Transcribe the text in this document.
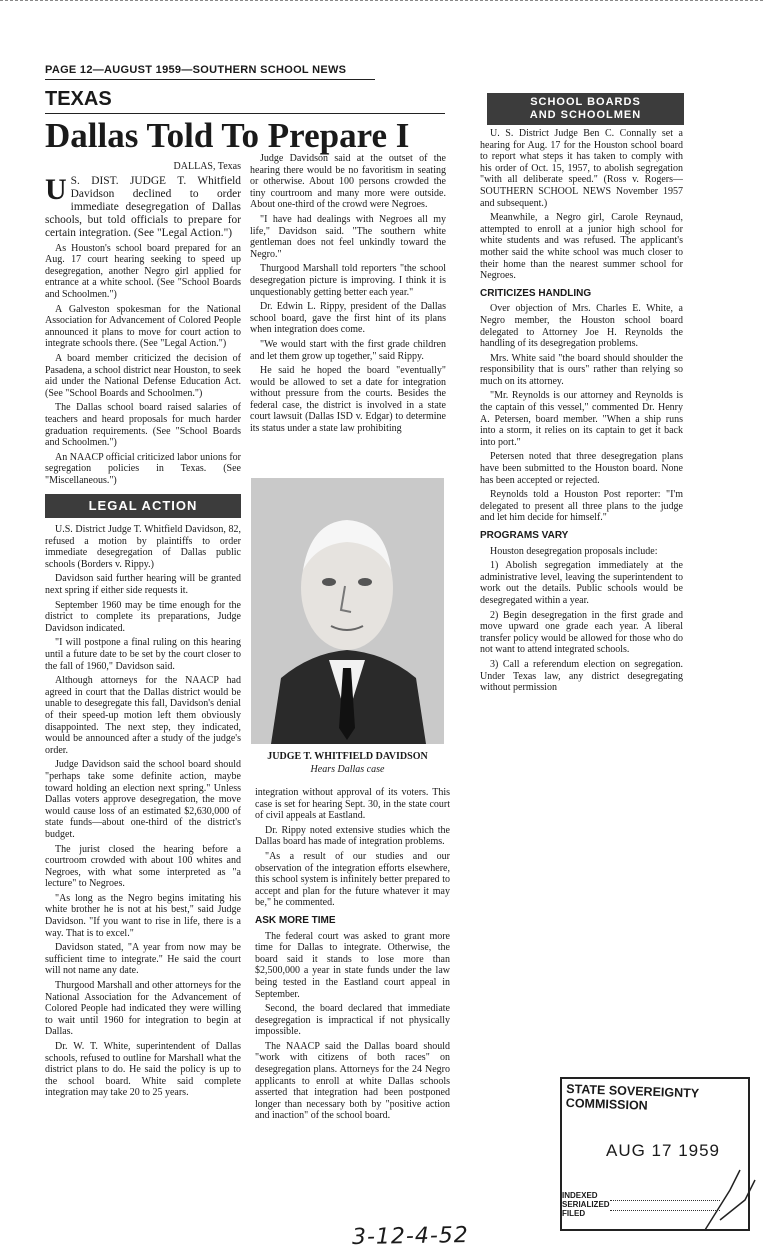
PAGE 12—AUGUST 1959—SOUTHERN SCHOOL NEWS
TEXAS
Dallas Told To Prepare I
DALLAS, Texas

U S. DIST. JUDGE T. Whitfield Davidson declined to order immediate desegregation of Dallas schools, but told officials to prepare for certain integration. (See "Legal Action.")

As Houston's school board prepared for an Aug. 17 court hearing seeking to speed up desegregation, another Negro girl applied for entrance at a white school. (See "School Boards and Schoolmen.")

A Galveston spokesman for the National Association for Advancement of Colored People announced it plans to move for court action to integrate schools there. (See "Legal Action.")

A board member criticized the decision of Pasadena, a school district near Houston, to seek aid under the National Defense Education Act. (See "School Boards and Schoolmen.")

The Dallas school board raised salaries of teachers and heard proposals for much harder graduation requirements. (See "School Boards and Schoolmen.")

An NAACP official criticized labor unions for segregation policies in Texas. (See "Miscellaneous.")

LEGAL ACTION

U.S. District Judge T. Whitfield Davidson, 82, refused a motion by plaintiffs to order immediate desegregation of Dallas public schools (Borders v. Rippy.)

Davidson said further hearing will be granted next spring if either side requests it.

September 1960 may be time enough for the district to complete its preparations, Judge Davidson indicated.

"I will postpone a final ruling on this hearing until a future date to be set by the court closer to the fall of 1960," Davidson said.

Although attorneys for the NAACP had agreed in court that the Dallas district would be unable to desegregate this fall, Davidson's denial of their speed-up motion left them obviously disappointed. The next step, they indicated, would be announced after a study of the judge's order.

Judge Davidson said the school board should "perhaps take some definite action, maybe toward holding an election next spring." Unless Dallas voters approve desegregation, the move would cause loss of an estimated $2,630,000 of state funds—about one-third of the district's budget.

The jurist closed the hearing before a courtroom crowded with about 100 whites and Negroes, with what some interpreted as "a lecture" to Negroes.

"As long as the Negro begins imitating his white brother he is not at his best," said Judge Davidson. "If you want to rise in life, there is a way. That is to excel."

Davidson stated, "A year from now may be sufficient time to integrate." He said the court will not name any date.

Thurgood Marshall and other attorneys for the National Association for the Advancement of Colored People had indicated they were willing to wait until 1960 for integration to begin at Dallas.

Dr. W. T. White, superintendent of Dallas schools, refused to outline for Marshall what the district plans to do. He said the policy is up to the school board. White said complete integration may take 20 to 25 years.

Judge Davidson said at the outset of the hearing there would be no favoritism in seating or otherwise. About 100 persons crowded the tiny courtroom and many more were outside. About one-third of the crowd were Negroes.

"I have had dealings with Negroes all my life," Davidson said. "The southern white gentleman does not feel unkindly toward the Negro."

Thurgood Marshall told reporters "the school desegregation picture is improving. I think it is unquestionably getting better each year."

Dr. Edwin L. Rippy, president of the Dallas school board, gave the first hint of its plans when integration does come.

"We would start with the first grade children and let them grow up together," said Rippy.

He said he hoped the board "eventually" would be allowed to set a date for integration without pressure from the courts. Besides the federal case, the district is involved in a state court lawsuit (Dallas ISD v. Edgar) to determine its status under a state law prohibiting

JUDGE T. WHITFIELD DAVIDSON
Hears Dallas case

integration without approval of its voters. This case is set for hearing Sept. 30, in the state court of civil appeals at Eastland.

Dr. Rippy noted extensive studies which the Dallas board has made of integration problems.

"As a result of our studies and our observation of the integration efforts elsewhere, this school system is infinitely better prepared to accept and plan for the future whatever it may be," he commented.

ASK MORE TIME

The federal court was asked to grant more time for Dallas to integrate. Otherwise, the board said it stands to lose more than $2,500,000 a year in state funds under the law being tested in the Eastland court appeal in September.

Second, the board declared that immediate desegregation is impractical if not physically impossible.

The NAACP said the Dallas board should "work with citizens of both races" on desegregation plans. Attorneys for the 24 Negro applicants to enroll at white Dallas schools asserted that integration had been postponed longer than necessary both by "positive action and inaction" of the school board.

SCHOOL BOARDS
AND SCHOOLMEN

U. S. District Judge Ben C. Connally set a hearing for Aug. 17 for the Houston school board to report what steps it has taken to comply with his order of Oct. 15, 1957, to abolish segregation "with all deliberate speed." (Ross v. Rogers—SOUTHERN SCHOOL NEWS November 1957 and subsequent.)

Meanwhile, a Negro girl, Carole Reynaud, attempted to enroll at a junior high school for white students and was refused. The applicant's mother said the white school was much closer to their home than the nearest summer school for Negroes.

CRITICIZES HANDLING

Over objection of Mrs. Charles E. White, a Negro member, the Houston school board delegated to Attorney Joe H. Reynolds the handling of its desegregation problems.

Mrs. White said "the board should shoulder the responsibility that is ours" rather than relying so much on its attorney.

"Mr. Reynolds is our attorney and Reynolds is the captain of this vessel," commented Dr. Henry A. Petersen, board member. "When a ship runs into a storm, it relies on its captain to get it back into port."

Petersen noted that three desegregation plans have been submitted to the Houston board. None has been accepted or rejected.

Reynolds told a Houston Post reporter: "I'm delegated to present all three plans to the judge and let him decide for himself."

PROGRAMS VARY

Houston desegregation proposals include:

1) Abolish segregation immediately at the administrative level, leaving the superintendent to work out the details. Public schools would be desegregated within a year.

2) Begin desegregation in the first grade and move upward one grade each year. A liberal transfer policy would be allowed for those who do not want to attend integrated schools.

3) Call a referendum election on segregation. Under Texas law, any district desegregating without permission

STATE SOVEREIGNTY COMMISSION
AUG 17 1959
INDEXED
SERIALIZED
FILED
3-12-4-52
